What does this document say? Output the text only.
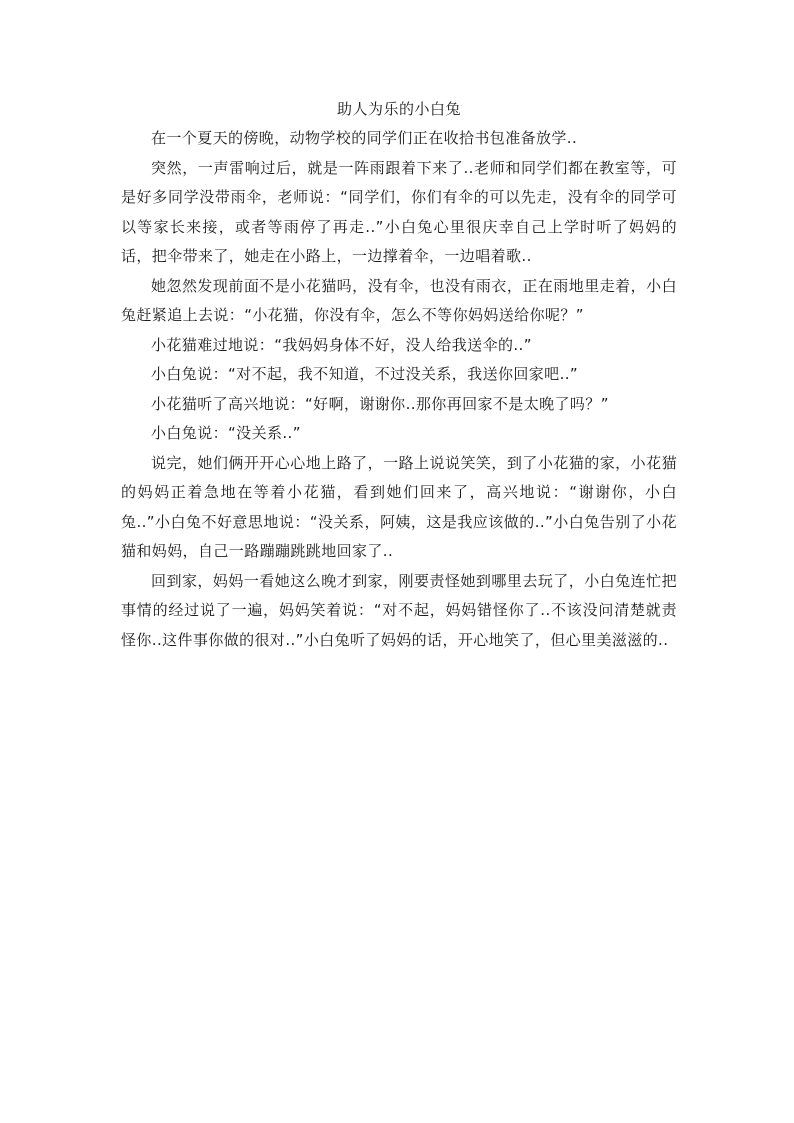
助人为乐的小白兔

在一个夏天的傍晚，动物学校的同学们正在收拾书包准备放学..

突然，一声雷响过后，就是一阵雨跟着下来了..老师和同学们都在教室等，可是好多同学没带雨伞，老师说：“同学们，你们有伞的可以先走，没有伞的同学可以等家长来接，或者等雨停了再走..”小白兔心里很庆幸自己上学时听了妈妈的话，把伞带来了，她走在小路上，一边撑着伞，一边唱着歌..

她忽然发现前面不是小花猫吗，没有伞，也没有雨衣，正在雨地里走着，小白兔赶紧追上去说：“小花猫，你没有伞，怎么不等你妈妈送给你呢？”

小花猫难过地说：“我妈妈身体不好，没人给我送伞的..”

小白兔说：“对不起，我不知道，不过没关系，我送你回家吧..”

小花猫听了高兴地说：“好啊，谢谢你..那你再回家不是太晚了吗？”

小白兔说：“没关系..”

说完，她们俩开开心心地上路了，一路上说说笑笑，到了小花猫的家，小花猫的妈妈正着急地在等着小花猫，看到她们回来了，高兴地说：“谢谢你，小白兔..”小白兔不好意思地说：“没关系，阿姨，这是我应该做的..”小白兔告别了小花猫和妈妈，自己一路蹦蹦跳跳地回家了..

回到家，妈妈一看她这么晚才到家，刚要责怪她到哪里去玩了，小白兔连忙把事情的经过说了一遍，妈妈笑着说：“对不起，妈妈错怪你了..不该没问清楚就责怪你..这件事你做的很对..”小白兔听了妈妈的话，开心地笑了，但心里美滋滋的..
